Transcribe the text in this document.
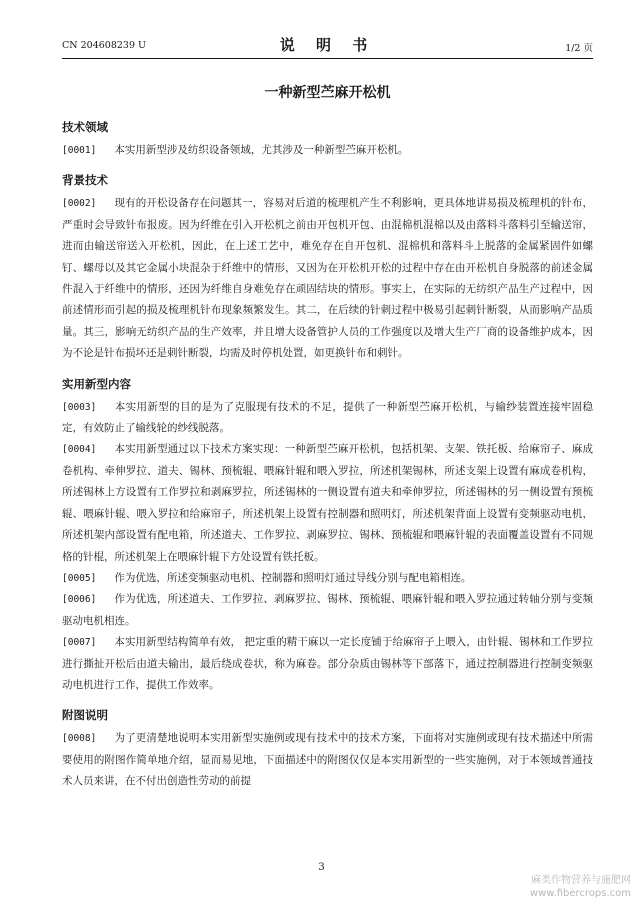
CN 204608239 U	说 明 书	1/2 页
一种新型苎麻开松机
技术领域

[0001] 本实用新型涉及纺织设备领域，尤其涉及一种新型苎麻开松机。

背景技术

[0002] 现有的开松设备存在问题其一，容易对后道的梳理机产生不利影响，更具体地讲易损及梳理机的针布，严重时会导致针布报废。因为纤维在引入开松机之前由开包机开包、由混棉机混棉以及由落料斗落料引至输送帘，进而由输送帘送入开松机，因此，在上述工艺中，难免存在自开包机、混棉机和落料斗上脱落的金属紧固件如螺钉、螺母以及其它金属小块混杂于纤维中的情形，又因为在开松机开松的过程中存在由开松机自身脱落的前述金属件混入于纤维中的情形，还因为纤维自身难免存在顽固结块的情形。事实上，在实际的无纺织产品生产过程中，因前述情形而引起的损及梳理机针布现象频繁发生。其二，在后续的针刺过程中极易引起刺针断裂，从而影响产品质量。其三，影响无纺织产品的生产效率，并且增大设备管护人员的工作强度以及增大生产厂商的设备维护成本，因为不论是针布损坏还是刺针断裂，均需及时停机处置，如更换针布和刺针。

实用新型内容

[0003] 本实用新型的目的是为了克服现有技术的不足，提供了一种新型苎麻开松机，与输纱装置连接牢固稳定，有效防止了输线轮的纱线脱落。

[0004] 本实用新型通过以下技术方案实现：一种新型苎麻开松机，包括机架、支架、铁托板、给麻帘子、麻成卷机构、牵伸罗拉、道夫、锡林、预梳辊、喂麻针辊和喂入罗拉，所述机架锡林，所述支架上设置有麻成卷机构，所述锡林上方设置有工作罗拉和剥麻罗拉，所述锡林的一侧设置有道夫和牵伸罗拉，所述锡林的另一侧设置有预梳辊、喂麻针辊、喂入罗拉和给麻帘子，所述机架上设置有控制器和照明灯，所述机架背面上设置有变频驱动电机，所述机架内部设置有配电箱，所述道夫、工作罗拉、剥麻罗拉、锡林、预梳辊和喂麻针辊的表面覆盖设置有不同规格的针棍，所述机架上在喂麻针辊下方处设置有铁托板。

[0005] 作为优选，所述变频驱动电机、控制器和照明灯通过导线分别与配电箱相连。

[0006] 作为优选，所述道夫、工作罗拉、剥麻罗拉、锡林、预梳辊、喂麻针辊和喂入罗拉通过转轴分别与变频驱动电机相连。

[0007] 本实用新型结构简单有效， 把定重的精干麻以一定长度铺于给麻帘子上喂入，由针辊、锡林和工作罗拉进行撕扯开松后由道夫输出，最后绕成卷状，称为麻卷。部分杂质由锡林等下部落下，通过控制器进行控制变频驱动电机进行工作，提供工作效率。

附图说明

[0008] 为了更清楚地说明本实用新型实施例或现有技术中的技术方案，下面将对实施例或现有技术描述中所需要使用的附图作简单地介绍，显而易见地，下面描述中的附图仅仅是本实用新型的一些实施例，对于本领域普通技术人员来讲，在不付出创造性劳动的前提

3
麻类作物营养与施肥网
www.fibercrops.com
